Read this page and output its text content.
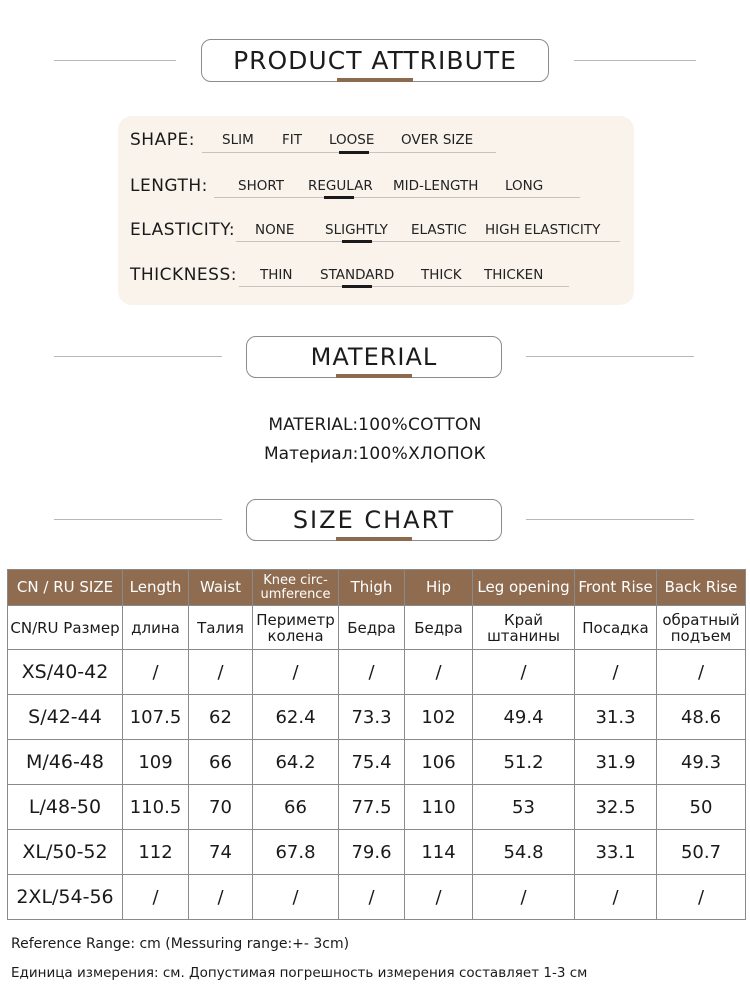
PRODUCT ATTRIBUTE
SHAPE: SLIM FIT LOOSE OVER SIZE
LENGTH: SHORT REGULAR MID-LENGTH LONG
ELASTICITY: NONE SLIGHTLY ELASTIC HIGH ELASTICITY
THICKNESS: THIN STANDARD THICK THICKEN
MATERIAL
MATERIAL:100%COTTON
Материал:100%ХЛОПОК
SIZE CHART
CN / RU SIZE	Length	Waist	Knee circ-umference	Thigh	Hip	Leg opening	Front Rise	Back Rise
CN/RU Размер	длина	Талия	Периметр колена	Бедра	Бедра	Край штанины	Посадка	обратный подъем
XS/40-42	/	/	/	/	/	/	/	/
S/42-44	107.5	62	62.4	73.3	102	49.4	31.3	48.6
M/46-48	109	66	64.2	75.4	106	51.2	31.9	49.3
L/48-50	110.5	70	66	77.5	110	53	32.5	50
XL/50-52	112	74	67.8	79.6	114	54.8	33.1	50.7
2XL/54-56	/	/	/	/	/	/	/	/
Reference Range: cm (Messuring range:+- 3cm)
Единица измерения: см. Допустимая погрешность измерения составляет 1-3 см
